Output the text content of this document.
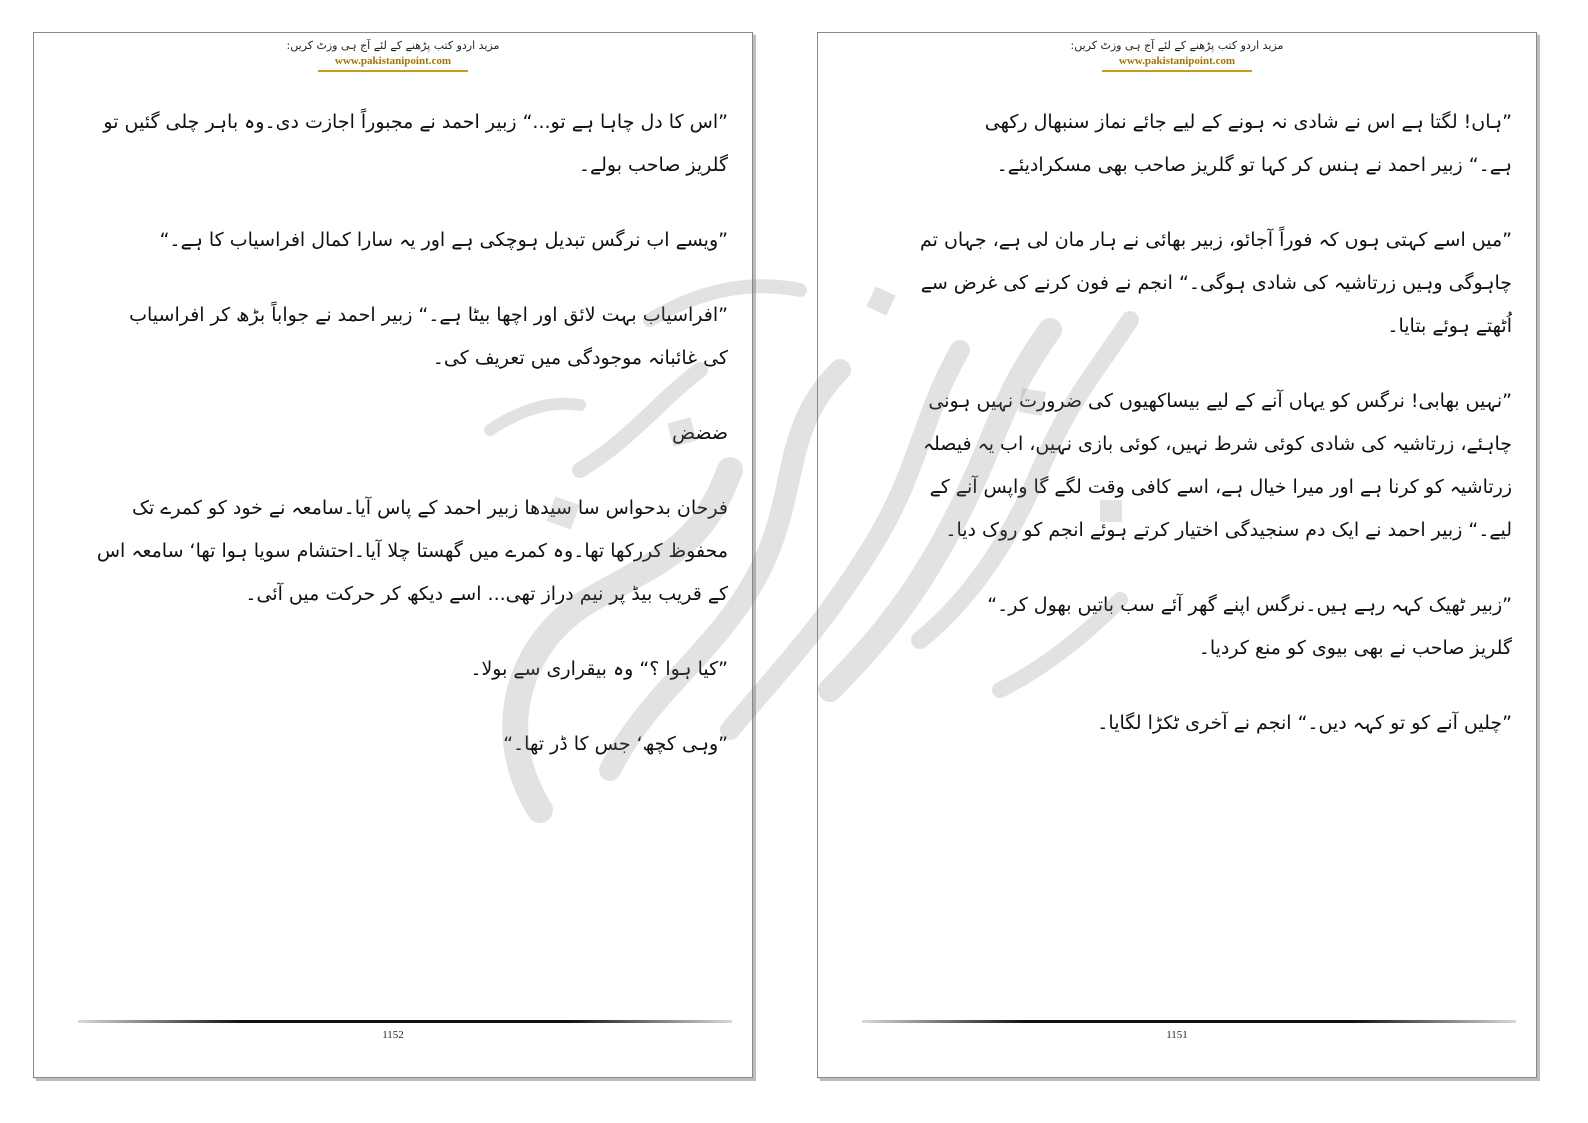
مزید اردو کتب پڑھنے کے لئے آج ہی وزٹ کریں:
www.pakistanipoint.com
”اس کا دل چاہا ہے تو...“ زبیر احمد نے مجبوراً اجازت دی۔وہ باہر چلی گئیں تو
گلریز صاحب بولے۔
”ویسے اب نرگس تبدیل ہوچکی ہے اور یہ سارا کمال افراسیاب کا ہے۔“
”افراسیاب بہت لائق اور اچھا بیٹا ہے۔“ زبیر احمد نے جواباً بڑھ کر افراسیاب
کی غائبانہ موجودگی میں تعریف کی۔
ضضض
فرحان بدحواس سا سیدھا زبیر احمد کے پاس آیا۔سامعہ نے خود کو کمرے تک
محفوظ کررکھا تھا۔وہ کمرے میں گھستا چلا آیا۔احتشام سویا ہوا تھا‘ سامعہ اس
کے قریب بیڈ پر نیم دراز تھی... اسے دیکھ کر حرکت میں آئی۔
”کیا ہوا ؟“ وہ بیقراری سے بولا۔
”وہی کچھ‘ جس کا ڈر تھا۔“
1152
مزید اردو کتب پڑھنے کے لئے آج ہی وزٹ کریں:
www.pakistanipoint.com
”ہاں! لگتا ہے اس نے شادی نہ ہونے کے لیے جائے نماز سنبھال رکھی
ہے۔“ زبیر احمد نے ہنس کر کہا تو گلریز صاحب بھی مسکرادیئے۔
”میں اسے کہتی ہوں کہ فوراً آجائو، زبیر بھائی نے ہار مان لی ہے، جہاں تم
چاہوگی وہیں زرتاشیہ کی شادی ہوگی۔“ انجم نے فون کرنے کی غرض سے
اُٹھتے ہوئے بتایا۔
”نہیں بھابی! نرگس کو یہاں آنے کے لیے بیساکھیوں کی ضرورت نہیں ہونی
چاہئے، زرتاشیہ کی شادی کوئی شرط نہیں، کوئی بازی نہیں، اب یہ فیصلہ
زرتاشیہ کو کرنا ہے اور میرا خیال ہے، اسے کافی وقت لگے گا واپس آنے کے
لیے۔“ زبیر احمد نے ایک دم سنجیدگی اختیار کرتے ہوئے انجم کو روک دیا۔
”زبیر ٹھیک کہہ رہے ہیں۔نرگس اپنے گھر آئے سب باتیں بھول کر۔“
گلریز صاحب نے بھی بیوی کو منع کردیا۔
”چلیں آنے کو تو کہہ دیں۔“ انجم نے آخری ٹکڑا لگایا۔
1151
